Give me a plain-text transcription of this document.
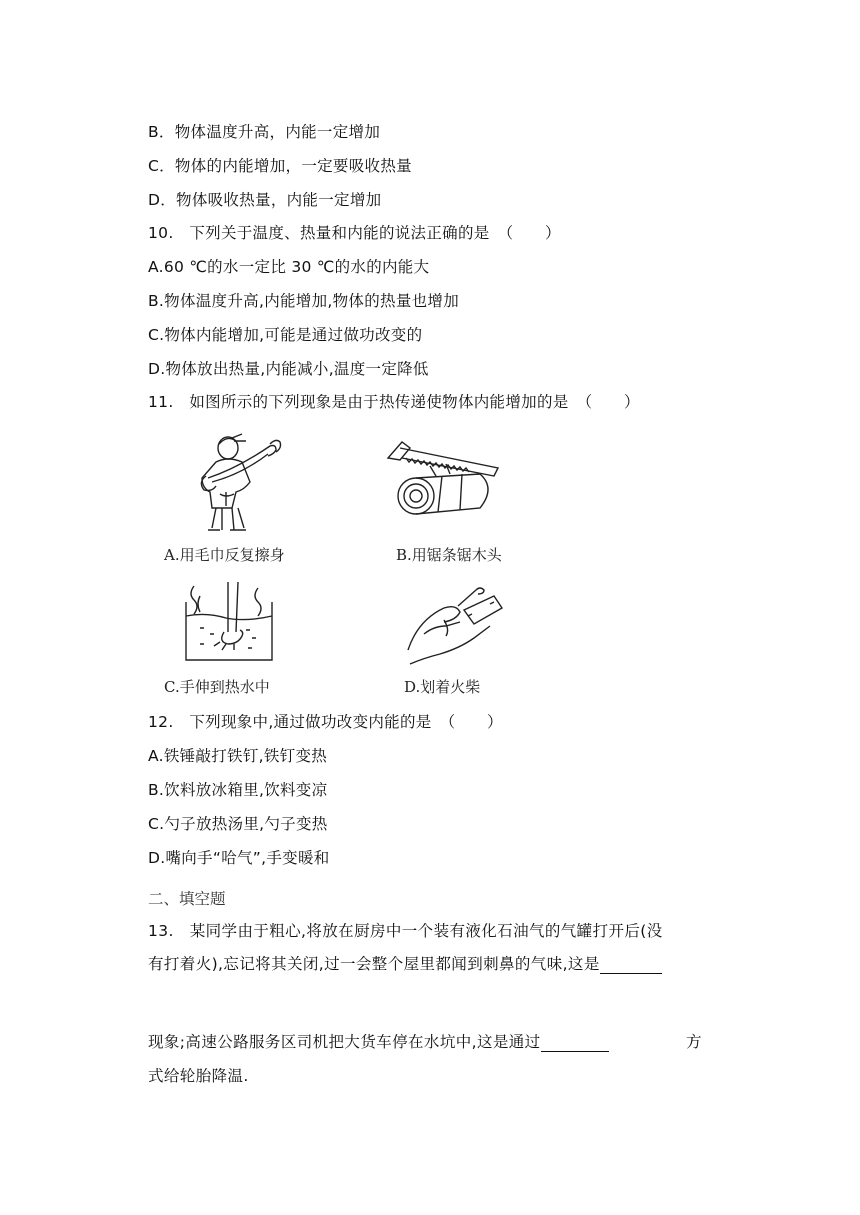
B．物体温度升高，内能一定增加
C．物体的内能增加，一定要吸收热量
D．物体吸收热量，内能一定增加
10.　下列关于温度、热量和内能的说法正确的是　（　　）
A.60 ℃的水一定比 30 ℃的水的内能大
B.物体温度升高,内能增加,物体的热量也增加
C.物体内能增加,可能是通过做功改变的
D.物体放出热量,内能减小,温度一定降低
11.　如图所示的下列现象是由于热传递使物体内能增加的是　（　　）
A.用毛巾反复擦身	B.用锯条锯木头
C.手伸到热水中	D.划着火柴
12.　下列现象中,通过做功改变内能的是　（　　）
A.铁锤敲打铁钉,铁钉变热
B.饮料放冰箱里,饮料变凉
C.勺子放热汤里,勺子变热
D.嘴向手“哈气”,手变暖和
二、填空题
13.　某同学由于粗心,将放在厨房中一个装有液化石油气的气罐打开后(没
有打着火),忘记将其关闭,过一会整个屋里都闻到刺鼻的气味,这是
现象;高速公路服务区司机把大货车停在水坑中,这是通过	方
式给轮胎降温.
